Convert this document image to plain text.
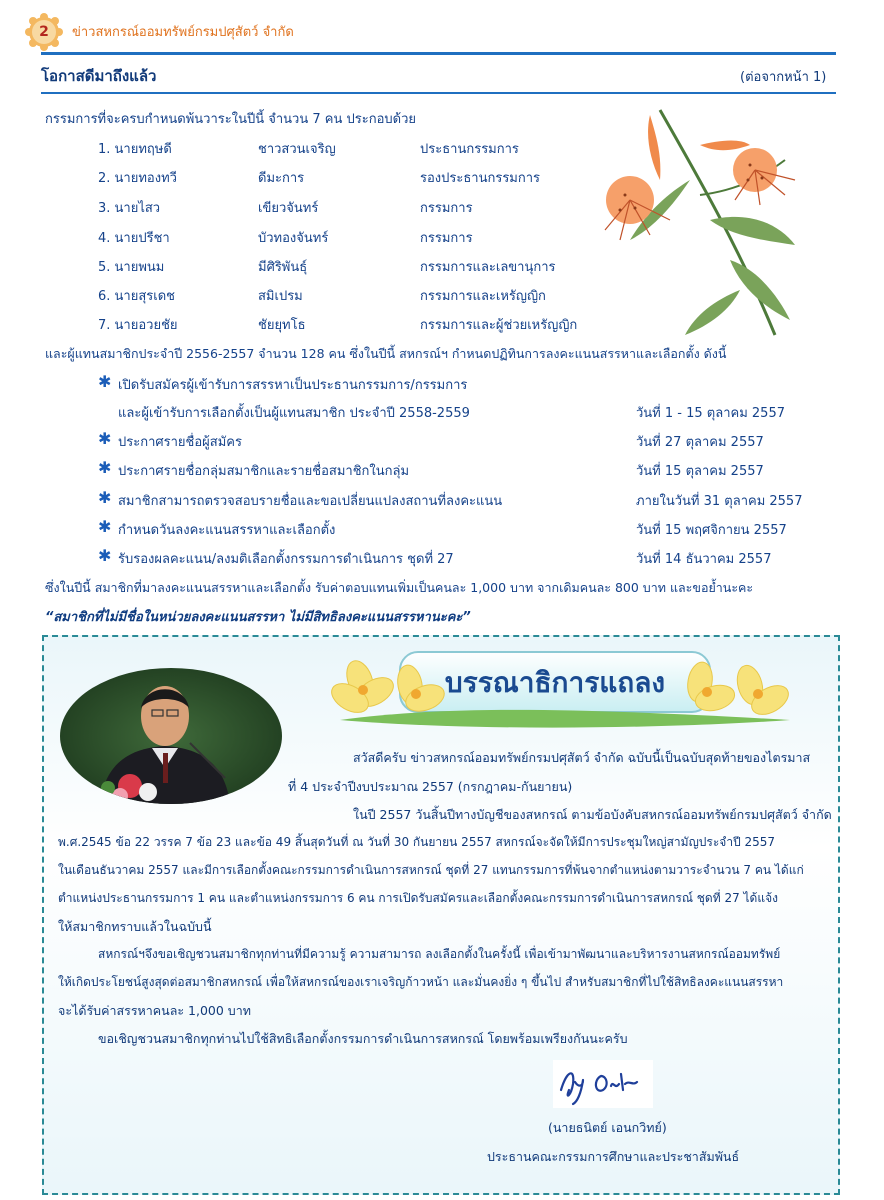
2	ข่าวสหกรณ์ออมทรัพย์กรมปศุสัตว์ จำกัด
โอกาสดีมาถึงแล้ว	(ต่อจากหน้า 1)
กรรมการที่จะครบกำหนดพ้นวาระในปีนี้ จำนวน 7 คน ประกอบด้วย
1. นายทฤษดี	ชาวสวนเจริญ	ประธานกรรมการ
2. นายทองทวี	ดีมะการ	รองประธานกรรมการ
3. นายไสว	เขียวจันทร์	กรรมการ
4. นายปรีชา	บัวทองจันทร์	กรรมการ
5. นายพนม	มีศิริพันธุ์	กรรมการและเลขานุการ
6. นายสุรเดช	สมิเปรม	กรรมการและเหรัญญิก
7. นายอวยชัย	ชัยยุทโธ	กรรมการและผู้ช่วยเหรัญญิก
และผู้แทนสมาชิกประจำปี 2556-2557 จำนวน 128 คน ซึ่งในปีนี้ สหกรณ์ฯ กำหนดปฏิทินการลงคะแนนสรรหาและเลือกตั้ง ดังนี้
✱ เปิดรับสมัครผู้เข้ารับการสรรหาเป็นประธานกรรมการ/กรรมการ
และผู้เข้ารับการเลือกตั้งเป็นผู้แทนสมาชิก ประจำปี 2558-2559	วันที่ 1 - 15 ตุลาคม 2557
✱ ประกาศรายชื่อผู้สมัคร	วันที่ 27 ตุลาคม 2557
✱ ประกาศรายชื่อกลุ่มสมาชิกและรายชื่อสมาชิกในกลุ่ม	วันที่ 15 ตุลาคม 2557
✱ สมาชิกสามารถตรวจสอบรายชื่อและขอเปลี่ยนแปลงสถานที่ลงคะแนน	ภายในวันที่ 31 ตุลาคม 2557
✱ กำหนดวันลงคะแนนสรรหาและเลือกตั้ง	วันที่ 15 พฤศจิกายน 2557
✱ รับรองผลคะแนน/ลงมติเลือกตั้งกรรมการดำเนินการ ชุดที่ 27	วันที่ 14 ธันวาคม 2557
ซึ่งในปีนี้ สมาชิกที่มาลงคะแนนสรรหาและเลือกตั้ง รับค่าตอบแทนเพิ่มเป็นคนละ 1,000 บาท จากเดิมคนละ 800 บาท และขอย้ำนะคะ
“สมาชิกที่ไม่มีชื่อในหน่วยลงคะแนนสรรหา ไม่มีสิทธิลงคะแนนสรรหานะคะ”
บรรณาธิการแถลง
สวัสดีครับ ข่าวสหกรณ์ออมทรัพย์กรมปศุสัตว์ จำกัด ฉบับนี้เป็นฉบับสุดท้ายของไตรมาส
ที่ 4 ประจำปีงบประมาณ 2557 (กรกฎาคม-กันยายน)
ในปี 2557 วันสิ้นปีทางบัญชีของสหกรณ์ ตามข้อบังคับสหกรณ์ออมทรัพย์กรมปศุสัตว์ จำกัด
พ.ศ.2545 ข้อ 22 วรรค 7 ข้อ 23 และข้อ 49 สิ้นสุดวันที่ ณ วันที่ 30 กันยายน 2557 สหกรณ์จะจัดให้มีการประชุมใหญ่สามัญประจำปี 2557
ในเดือนธันวาคม 2557 และมีการเลือกตั้งคณะกรรมการดำเนินการสหกรณ์ ชุดที่ 27 แทนกรรมการที่พ้นจากตำแหน่งตามวาระจำนวน 7 คน ได้แก่
ตำแหน่งประธานกรรมการ 1 คน และตำแหน่งกรรมการ 6 คน การเปิดรับสมัครและเลือกตั้งคณะกรรมการดำเนินการสหกรณ์ ชุดที่ 27 ได้แจ้ง
ให้สมาชิกทราบแล้วในฉบับนี้
สหกรณ์ฯจึงขอเชิญชวนสมาชิกทุกท่านที่มีความรู้ ความสามารถ ลงเลือกตั้งในครั้งนี้ เพื่อเข้ามาพัฒนาและบริหารงานสหกรณ์ออมทรัพย์
ให้เกิดประโยชน์สูงสุดต่อสมาชิกสหกรณ์ เพื่อให้สหกรณ์ของเราเจริญก้าวหน้า และมั่นคงยิ่ง ๆ ขึ้นไป สำหรับสมาชิกที่ไปใช้สิทธิลงคะแนนสรรหา
จะได้รับค่าสรรหาคนละ 1,000 บาท
ขอเชิญชวนสมาชิกทุกท่านไปใช้สิทธิเลือกตั้งกรรมการดำเนินการสหกรณ์ โดยพร้อมเพรียงกันนะครับ
(นายธนิตย์ เอนกวิทย์)
ประธานคณะกรรมการศึกษาและประชาสัมพันธ์
